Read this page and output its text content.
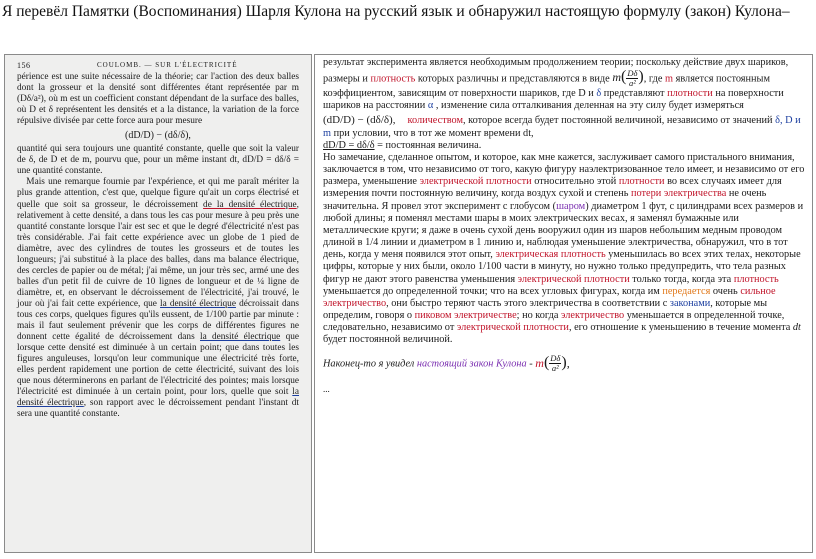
Я перевёл Памятки (Воспоминания) Шарля Кулона на русский язык и обнаружил настоящую формулу (закон) Кулона–
156	COULOMB. — SUR L'ÉLECTRICITÉ

périence est une suite nécessaire de la théorie; car l'action des deux balles dont la grosseur et la densité sont différentes étant représentée par m (Dδ/a²), où m est un coefficient constant dépendant de la surface des balles, où D et δ représentent les densités et a la distance, la variation de la force répulsive divisée par cette force aura pour mesure

(dD/D) − (dδ/δ),

quantité qui sera toujours une quantité constante, quelle que soit la valeur de δ, de D et de m, pourvu que, pour un même instant dt, dD/D = dδ/δ = une quantité constante.

 Mais une remarque fournie par l'expérience, et qui me paraît mériter la plus grande attention, c'est que, quelque figure qu'ait un corps électrisé et quelle que soit sa grosseur, le décroissement de la densité électrique, relativement à cette densité, a dans tous les cas pour mesure à peu près une quantité constante lorsque l'air est sec et que le degré d'électricité n'est pas très considérable. J'ai fait cette expérience avec un globe de 1 pied de diamètre, avec des cylindres de toutes les grosseurs et de toutes les longueurs; j'ai substitué à la place des balles, dans ma balance électrique, des cercles de papier ou de métal; j'ai même, un jour très sec, armé une des balles d'un petit fil de cuivre de 10 lignes de longueur et de ¼ ligne de diamètre, et, en observant le décroissement de l'électricité, j'ai trouvé, le jour où j'ai fait cette expérience, que la densité électrique décroissait dans tous ces corps, quelques figures qu'ils eussent, de 1/100 partie par minute : mais il faut seulement prévenir que les corps de différentes figures ne donnent cette égalité de décroissement dans la densité électrique que lorsque cette densité est diminuée à un certain point; que dans toutes les figures anguleuses, lorsqu'on leur communique une électricité très forte, elles perdent rapidement une portion de cette électricité, suivant des lois que nous déterminerons en parlant de l'électricité des pointes; mais lorsque l'électricité est diminuée à un certain point, pour lors, quelle que soit la densité électrique, son rapport avec le décroissement pendant l'instant dt sera une quantité constante.

результат эксперимента является необходимым продолжением теории; поскольку действие двух шариков, размеры и плотность которых различны и представляются в виде $m( \frac{D\delta}{\text{a²}}$ ), где m является постоянным коэффициентом, зависящим от поверхности шариков, где D и δ представляют плотности на поверхности шариков на расстоянии α , изменение сила отталкивания деленная на эту силу будет измеряться

(dD/D) − (dδ/δ), количеством, которое всегда будет постоянной величиной, независимо от значений δ, D и m при условии, что в тот же момент времени dt,

dD/D = dδ/δ = постоянная величина.

Но замечание, сделанное опытом, и которое, как мне кажется, заслуживает самого пристального внимания, заключается в том, что независимо от того, какую фигуру наэлектризованное тело имеет, и независимо от его размера, уменьшение электрической плотности относительно этой плотности во всех случаях имеет для измерения почти постоянную величину, когда воздух сухой и степень потери электричества не очень значительна. Я провел этот эксперимент с глобусом (шаром) диаметром 1 фут, с цилиндрами всех размеров и любой длины; я поменял местами шары в моих электрических весах, я заменял бумажные или металлические круги; я даже в очень сухой день вооружил один из шаров небольшим медным проводом длиной в 1/4 линии и диаметром в 1 линию и, наблюдая уменьшение электричества, обнаружил, что в тот день, когда у меня появился этот опыт, электрическая плотность уменьшилась во всех этих телах, некоторые цифры, которые у них были, около 1/100 части в минуту, но нужно только предупредить, что тела разных фигур не дают этого равенства уменьшения электрической плотности только тогда, когда эта плотность уменьшается до определенной точки; что на всех угловых фигурах, когда им передается очень сильное электричество, они быстро теряют часть этого электричества в соответствии с законами, которые мы определим, говоря о пиковом электричестве; но когда электричество уменьшается в определенной точке, следовательно, независимо от электрической плотности, его отношение к уменьшению в течение момента dt будет постоянной величиной.

Наконец-то я увидел настоящий закон Кулона - $m( \frac{D\delta}{\text{a²}}$ ),

...
